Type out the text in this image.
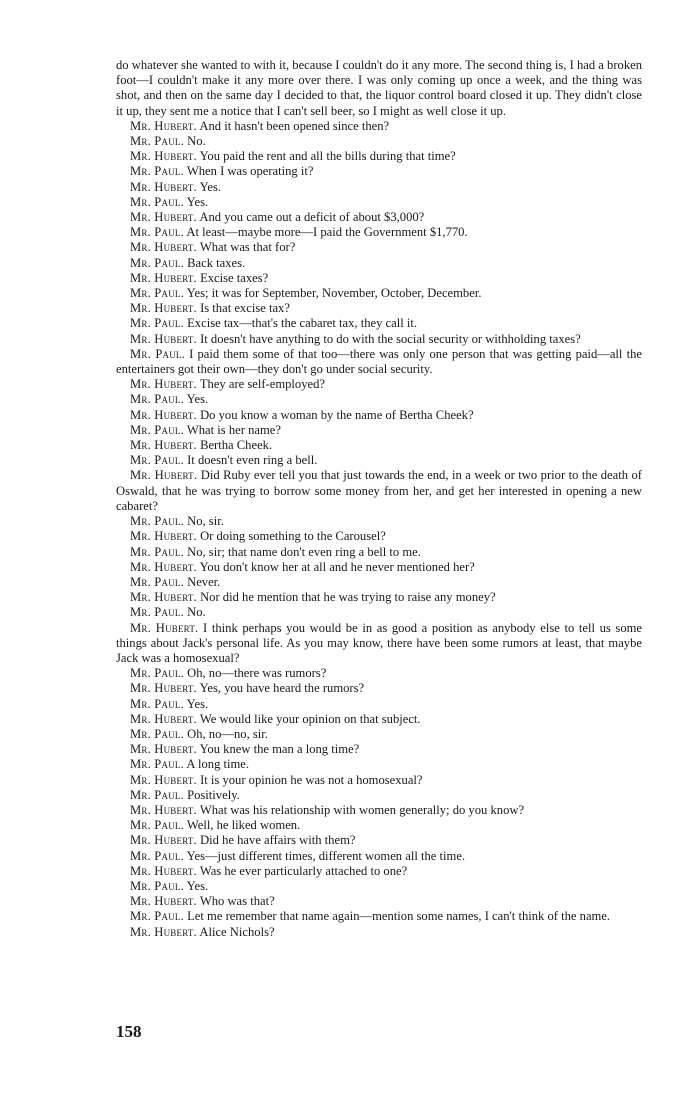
do whatever she wanted to with it, because I couldn't do it any more. The second thing is, I had a broken foot—I couldn't make it any more over there. I was only coming up once a week, and the thing was shot, and then on the same day I decided to that, the liquor control board closed it up. They didn't close it up, they sent me a notice that I can't sell beer, so I might as well close it up.

Mr. Hubert. And it hasn't been opened since then?

Mr. Paul. No.

Mr. Hubert. You paid the rent and all the bills during that time?

Mr. Paul. When I was operating it?

Mr. Hubert. Yes.

Mr. Paul. Yes.

Mr. Hubert. And you came out a deficit of about $3,000?

Mr. Paul. At least—maybe more—I paid the Government $1,770.

Mr. Hubert. What was that for?

Mr. Paul. Back taxes.

Mr. Hubert. Excise taxes?

Mr. Paul. Yes; it was for September, November, October, December.

Mr. Hubert. Is that excise tax?

Mr. Paul. Excise tax—that's the cabaret tax, they call it.

Mr. Hubert. It doesn't have anything to do with the social security or withholding taxes?

Mr. Paul. I paid them some of that too—there was only one person that was getting paid—all the entertainers got their own—they don't go under social security.

Mr. Hubert. They are self-employed?

Mr. Paul. Yes.

Mr. Hubert. Do you know a woman by the name of Bertha Cheek?

Mr. Paul. What is her name?

Mr. Hubert. Bertha Cheek.

Mr. Paul. It doesn't even ring a bell.

Mr. Hubert. Did Ruby ever tell you that just towards the end, in a week or two prior to the death of Oswald, that he was trying to borrow some money from her, and get her interested in opening a new cabaret?

Mr. Paul. No, sir.

Mr. Hubert. Or doing something to the Carousel?

Mr. Paul. No, sir; that name don't even ring a bell to me.

Mr. Hubert. You don't know her at all and he never mentioned her?

Mr. Paul. Never.

Mr. Hubert. Nor did he mention that he was trying to raise any money?

Mr. Paul. No.

Mr. Hubert. I think perhaps you would be in as good a position as anybody else to tell us some things about Jack's personal life. As you may know, there have been some rumors at least, that maybe Jack was a homosexual?

Mr. Paul. Oh, no—there was rumors?

Mr. Hubert. Yes, you have heard the rumors?

Mr. Paul. Yes.

Mr. Hubert. We would like your opinion on that subject.

Mr. Paul. Oh, no—no, sir.

Mr. Hubert. You knew the man a long time?

Mr. Paul. A long time.

Mr. Hubert. It is your opinion he was not a homosexual?

Mr. Paul. Positively.

Mr. Hubert. What was his relationship with women generally; do you know?

Mr. Paul. Well, he liked women.

Mr. Hubert. Did he have affairs with them?

Mr. Paul. Yes—just different times, different women all the time.

Mr. Hubert. Was he ever particularly attached to one?

Mr. Paul. Yes.

Mr. Hubert. Who was that?

Mr. Paul. Let me remember that name again—mention some names, I can't think of the name.

Mr. Hubert. Alice Nichols?

158
